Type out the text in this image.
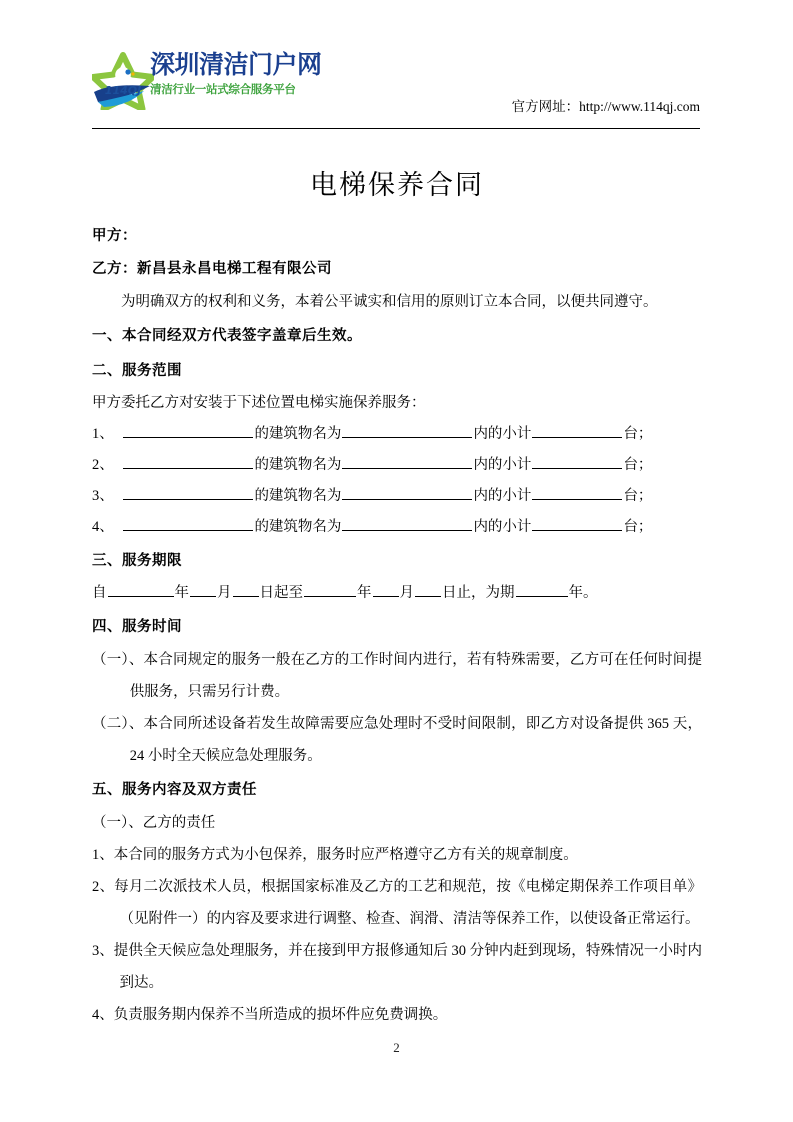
114QJ
深圳清洁门户网
清洁行业一站式综合服务平台
官方网址：http://www.114qj.com
电梯保养合同
甲方：
乙方：新昌县永昌电梯工程有限公司
为明确双方的权利和义务，本着公平诚实和信用的原则订立本合同，以便共同遵守。
一、本合同经双方代表签字盖章后生效。
二、服务范围
甲方委托乙方对安装于下述位置电梯实施保养服务：
1、	的建筑物名为	内的小计	台；
2、	的建筑物名为	内的小计	台；
3、	的建筑物名为	内的小计	台；
4、	的建筑物名为	内的小计	台；
三、服务期限
自	年 月 日起至	年 月 日止，为期	年。
四、服务时间
（一）、本合同规定的服务一般在乙方的工作时间内进行，若有特殊需要，乙方可在任何时间提供服务，只需另行计费。
（二）、本合同所述设备若发生故障需要应急处理时不受时间限制，即乙方对设备提供 365 天，24 小时全天候应急处理服务。
五、服务内容及双方责任
（一）、乙方的责任
1、本合同的服务方式为小包保养，服务时应严格遵守乙方有关的规章制度。
2、每月二次派技术人员，根据国家标准及乙方的工艺和规范，按《电梯定期保养工作项目单》（见附件一）的内容及要求进行调整、检查、润滑、清洁等保养工作，以使设备正常运行。
3、提供全天候应急处理服务，并在接到甲方报修通知后 30 分钟内赶到现场，特殊情况一小时内到达。
4、负责服务期内保养不当所造成的损坏件应免费调换。
2
